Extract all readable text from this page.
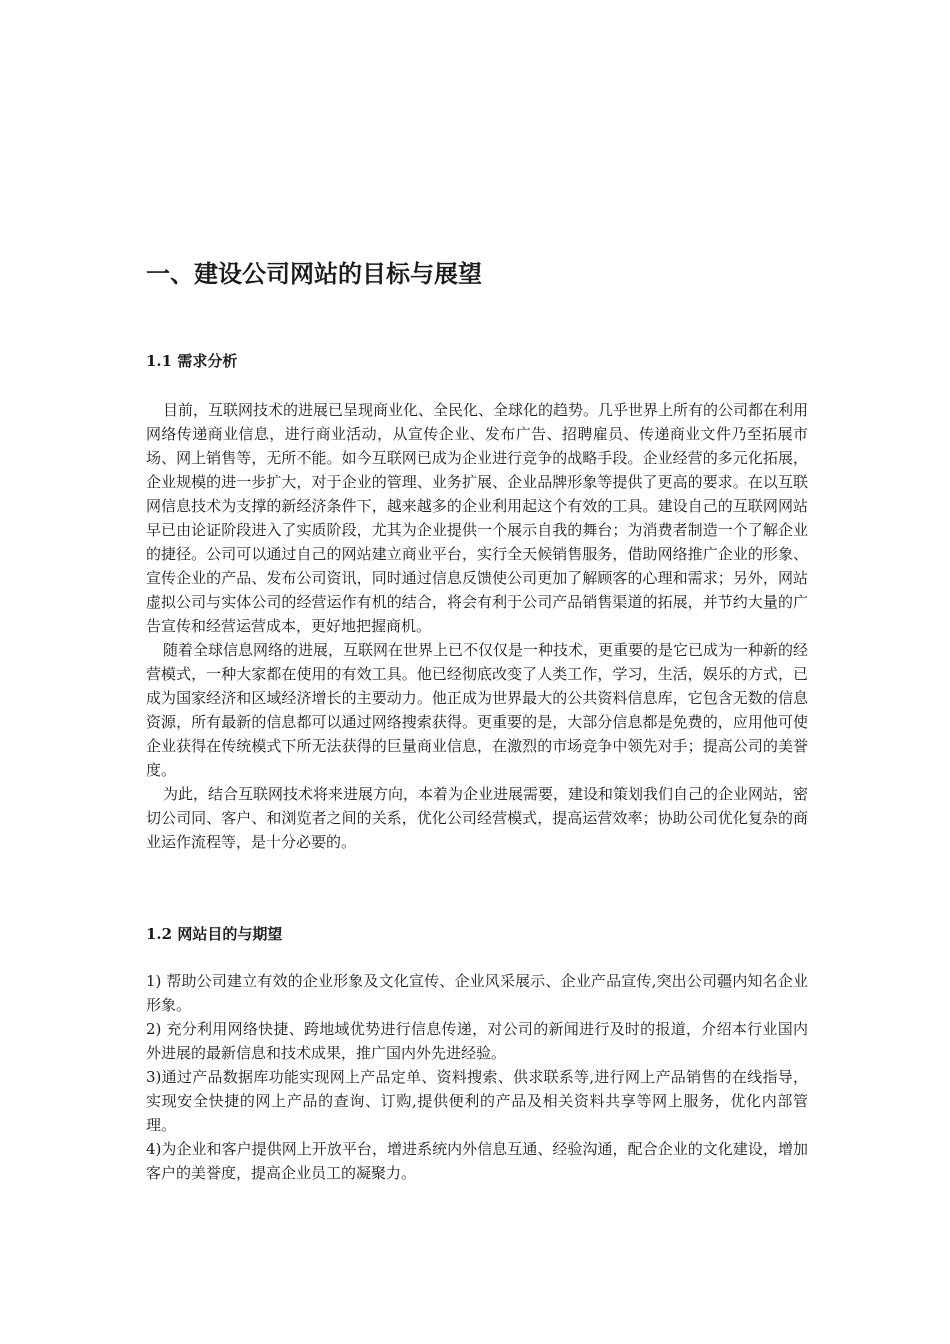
一、建设公司网站的目标与展望
1.1 需求分析

目前，互联网技术的进展已呈现商业化、全民化、全球化的趋势。几乎世界上所有的公司都在利用网络传递商业信息，进行商业活动，从宣传企业、发布广告、招聘雇员、传递商业文件乃至拓展市场、网上销售等，无所不能。如今互联网已成为企业进行竞争的战略手段。企业经营的多元化拓展，企业规模的进一步扩大，对于企业的管理、业务扩展、企业品牌形象等提供了更高的要求。在以互联网信息技术为支撑的新经济条件下，越来越多的企业利用起这个有效的工具。建设自己的互联网网站早已由论证阶段进入了实质阶段，尤其为企业提供一个展示自我的舞台；为消费者制造一个了解企业的捷径。公司可以通过自己的网站建立商业平台，实行全天候销售服务，借助网络推广企业的形象、宣传企业的产品、发布公司资讯，同时通过信息反馈使公司更加了解顾客的心理和需求；另外，网站虚拟公司与实体公司的经营运作有机的结合，将会有利于公司产品销售渠道的拓展，并节约大量的广告宣传和经营运营成本，更好地把握商机。

随着全球信息网络的进展，互联网在世界上已不仅仅是一种技术，更重要的是它已成为一种新的经营模式，一种大家都在使用的有效工具。他已经彻底改变了人类工作，学习，生活，娱乐的方式，已成为国家经济和区域经济增长的主要动力。他正成为世界最大的公共资料信息库，它包含无数的信息资源，所有最新的信息都可以通过网络搜索获得。更重要的是，大部分信息都是免费的，应用他可使企业获得在传统模式下所无法获得的巨量商业信息，在激烈的市场竞争中领先对手；提高公司的美誉度。

为此，结合互联网技术将来进展方向，本着为企业进展需要，建设和策划我们自己的企业网站，密切公司同、客户、和浏览者之间的关系，优化公司经营模式，提高运营效率；协助公司优化复杂的商业运作流程等，是十分必要的。

1.2 网站目的与期望

1) 帮助公司建立有效的企业形象及文化宣传、企业风采展示、企业产品宣传,突出公司疆内知名企业形象。

2) 充分利用网络快捷、跨地域优势进行信息传递，对公司的新闻进行及时的报道，介绍本行业国内外进展的最新信息和技术成果，推广国内外先进经验。

3)通过产品数据库功能实现网上产品定单、资料搜索、供求联系等,进行网上产品销售的在线指导，实现安全快捷的网上产品的查询、订购,提供便利的产品及相关资料共享等网上服务，优化内部管理。

4)为企业和客户提供网上开放平台，增进系统内外信息互通、经验沟通，配合企业的文化建设，增加客户的美誉度，提高企业员工的凝聚力。
